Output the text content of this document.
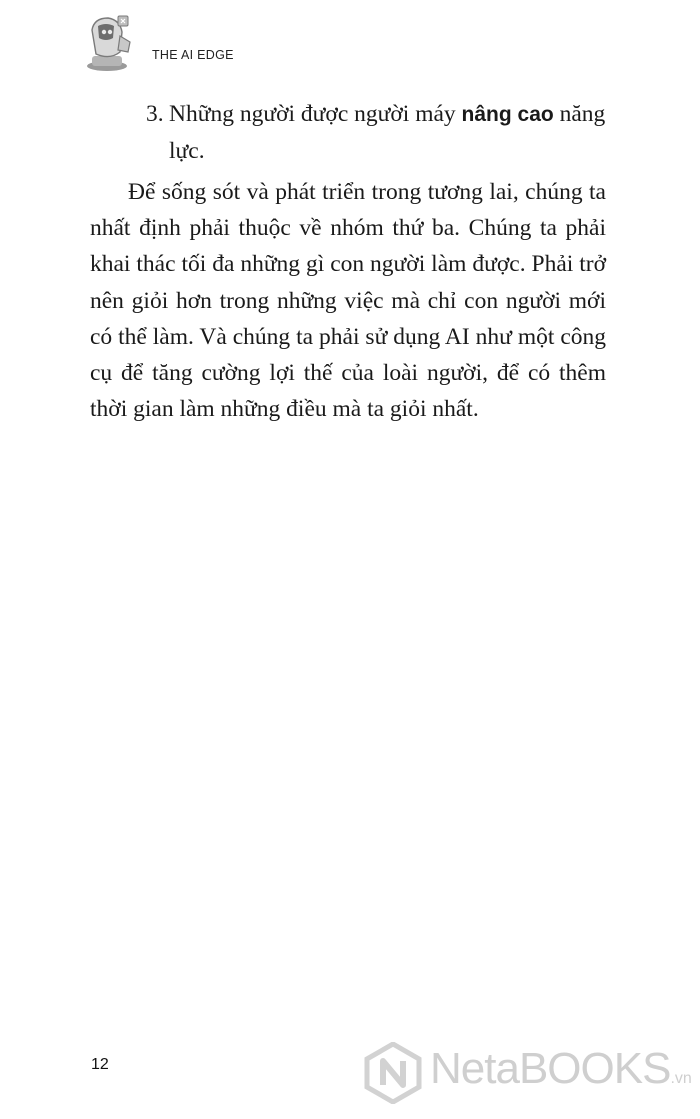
THE AI EDGE
3. Những người được người máy nâng cao năng lực.

Để sống sót và phát triển trong tương lai, chúng ta nhất định phải thuộc về nhóm thứ ba. Chúng ta phải khai thác tối đa những gì con người làm được. Phải trở nên giỏi hơn trong những việc mà chỉ con người mới có thể làm. Và chúng ta phải sử dụng AI như một công cụ để tăng cường lợi thế của loài người, để có thêm thời gian làm những điều mà ta giỏi nhất.

12	NetaBOOKS.vn
